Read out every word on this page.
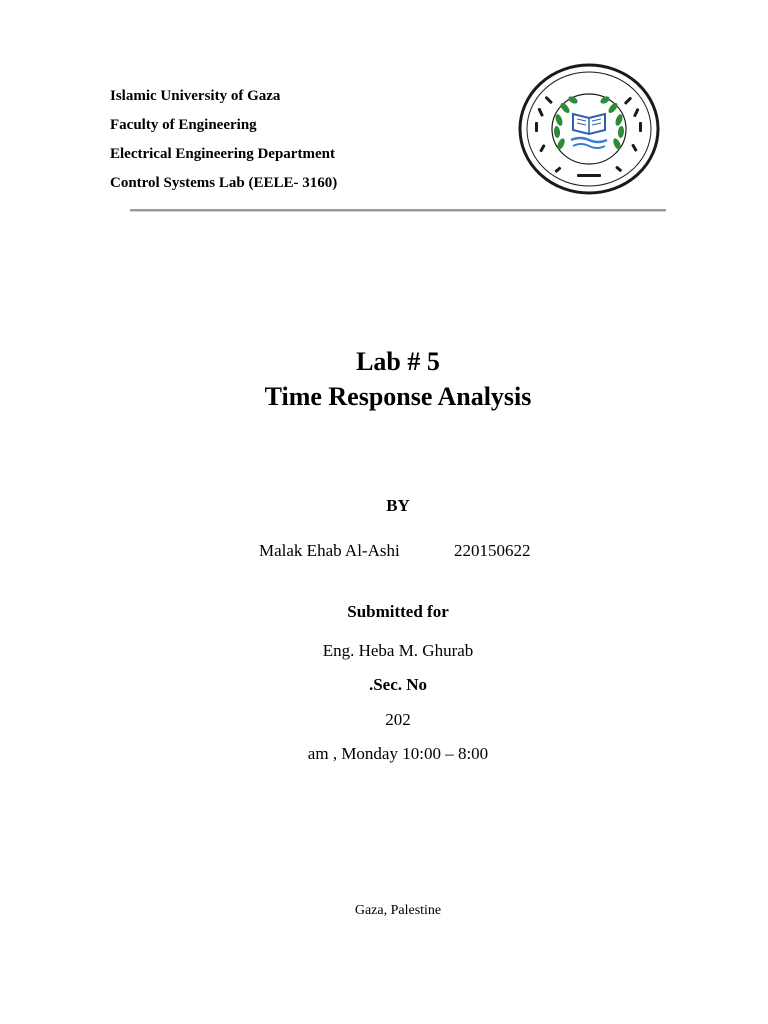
Islamic University of Gaza
Faculty of Engineering
Electrical Engineering Department
Control Systems Lab (EELE- 3160)
Lab # 5
Time Response Analysis
BY
Malak Ehab Al-Ashi	220150622
Submitted for
Eng. Heba M. Ghurab
.Sec. No
202
am , Monday 10:00 – 8:00
Gaza, Palestine
